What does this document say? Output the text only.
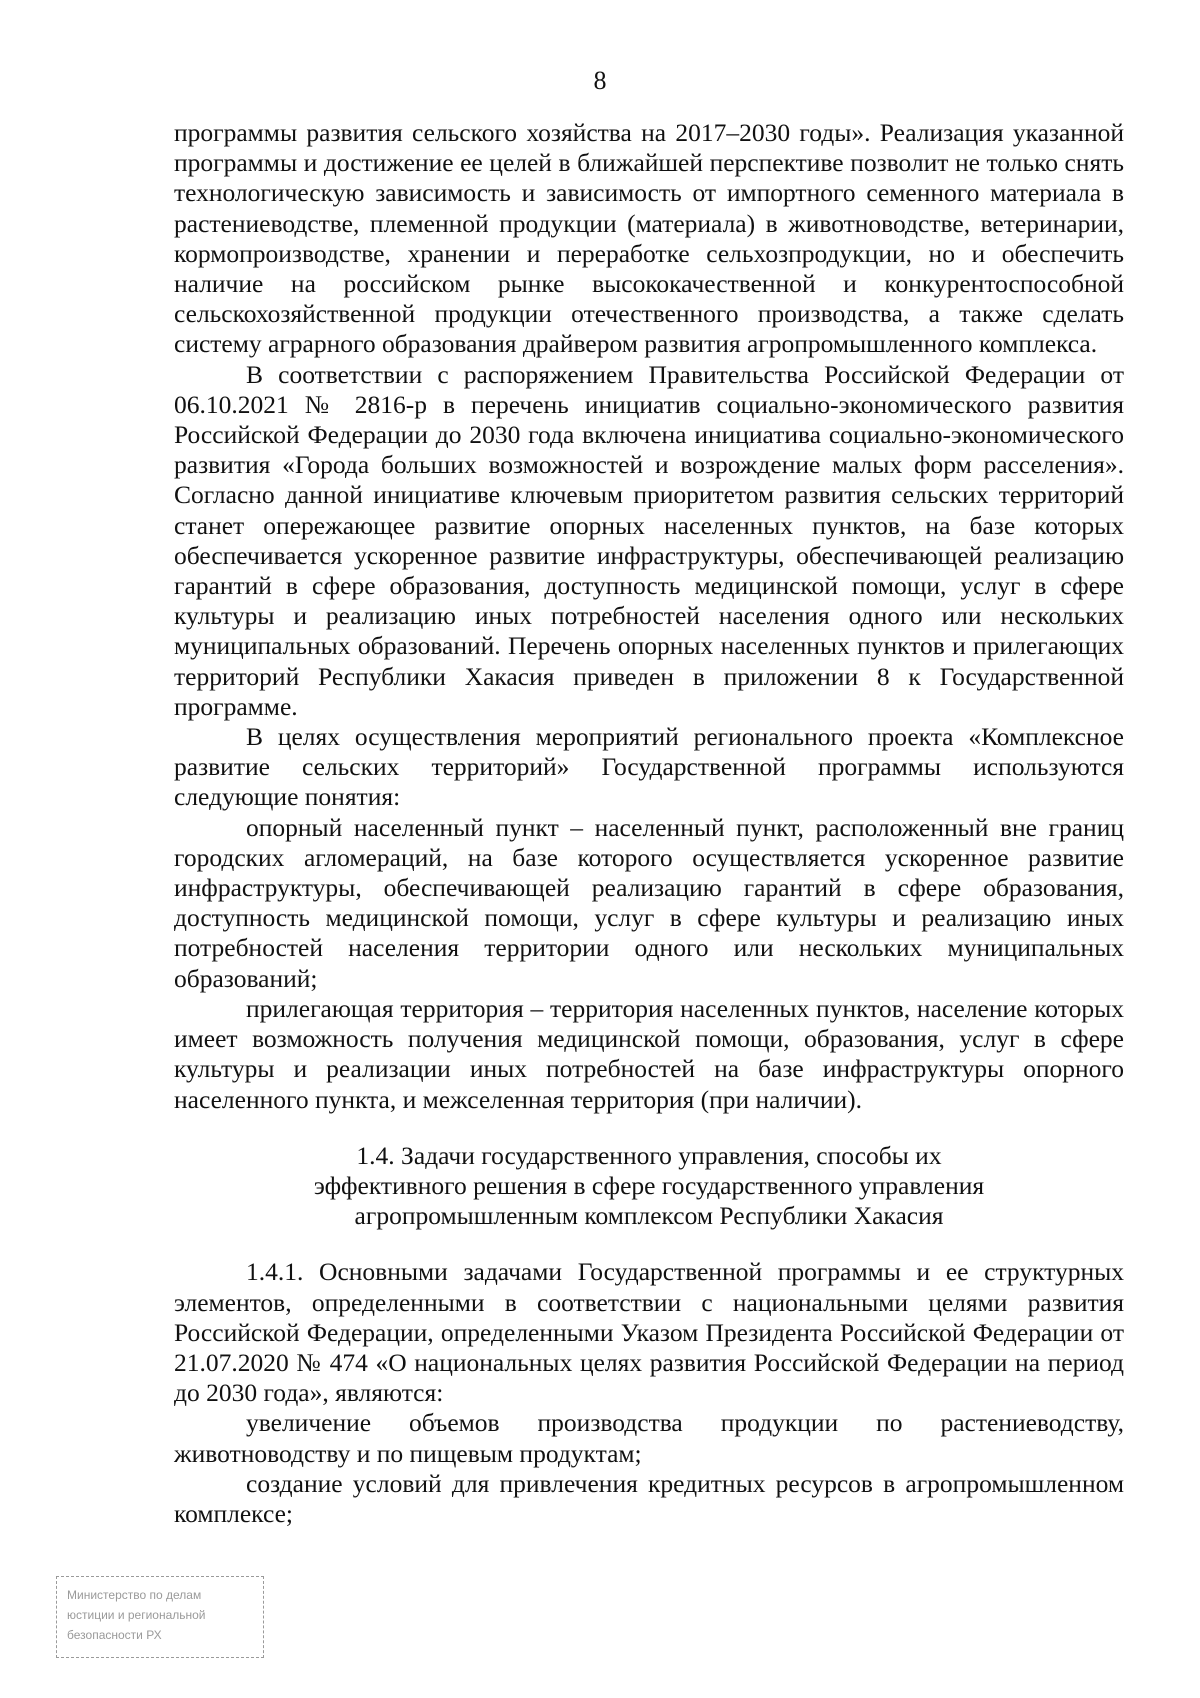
8

программы развития сельского хозяйства на 2017–2030 годы». Реализация указанной программы и достижение ее целей в ближайшей перспективе позволит не только снять технологическую зависимость и зависимость от импортного семенного материала в растениеводстве, племенной продукции (материала) в животноводстве, ветеринарии, кормопроизводстве, хранении и переработке сельхозпродукции, но и обеспечить наличие на российском рынке высококачественной и конкурентоспособной сельскохозяйственной продукции отечественного производства, а также сделать систему аграрного образования драйвером развития агропромышленного комплекса.

В соответствии с распоряжением Правительства Российской Федерации от 06.10.2021 № 2816-р в перечень инициатив социально-экономического развития Российской Федерации до 2030 года включена инициатива социально-экономического развития «Города больших возможностей и возрождение малых форм расселения». Согласно данной инициативе ключевым приоритетом развития сельских территорий станет опережающее развитие опорных населенных пунктов, на базе которых обеспечивается ускоренное развитие инфраструктуры, обеспечивающей реализацию гарантий в сфере образования, доступность медицинской помощи, услуг в сфере культуры и реализацию иных потребностей населения одного или нескольких муниципальных образований. Перечень опорных населенных пунктов и прилегающих территорий Республики Хакасия приведен в приложении 8 к Государственной программе.

В целях осуществления мероприятий регионального проекта «Комплексное развитие сельских территорий» Государственной программы используются следующие понятия:

опорный населенный пункт – населенный пункт, расположенный вне границ городских агломераций, на базе которого осуществляется ускоренное развитие инфраструктуры, обеспечивающей реализацию гарантий в сфере образования, доступность медицинской помощи, услуг в сфере культуры и реализацию иных потребностей населения территории одного или нескольких муниципальных образований;

прилегающая территория – территория населенных пунктов, население которых имеет возможность получения медицинской помощи, образования, услуг в сфере культуры и реализации иных потребностей на базе инфраструктуры опорного населенного пункта, и межселенная территория (при наличии).

1.4. Задачи государственного управления, способы их
эффективного решения в сфере государственного управления
агропромышленным комплексом Республики Хакасия

1.4.1. Основными задачами Государственной программы и ее структурных элементов, определенными в соответствии с национальными целями развития Российской Федерации, определенными Указом Президента Российской Федерации от 21.07.2020 № 474 «О национальных целях развития Российской Федерации на период до 2030 года», являются:

увеличение объемов производства продукции по растениеводству, животноводству и по пищевым продуктам;

создание условий для привлечения кредитных ресурсов в агропромышленном комплексе;

Министерство по делам
юстиции и региональной
безопасности РХ
